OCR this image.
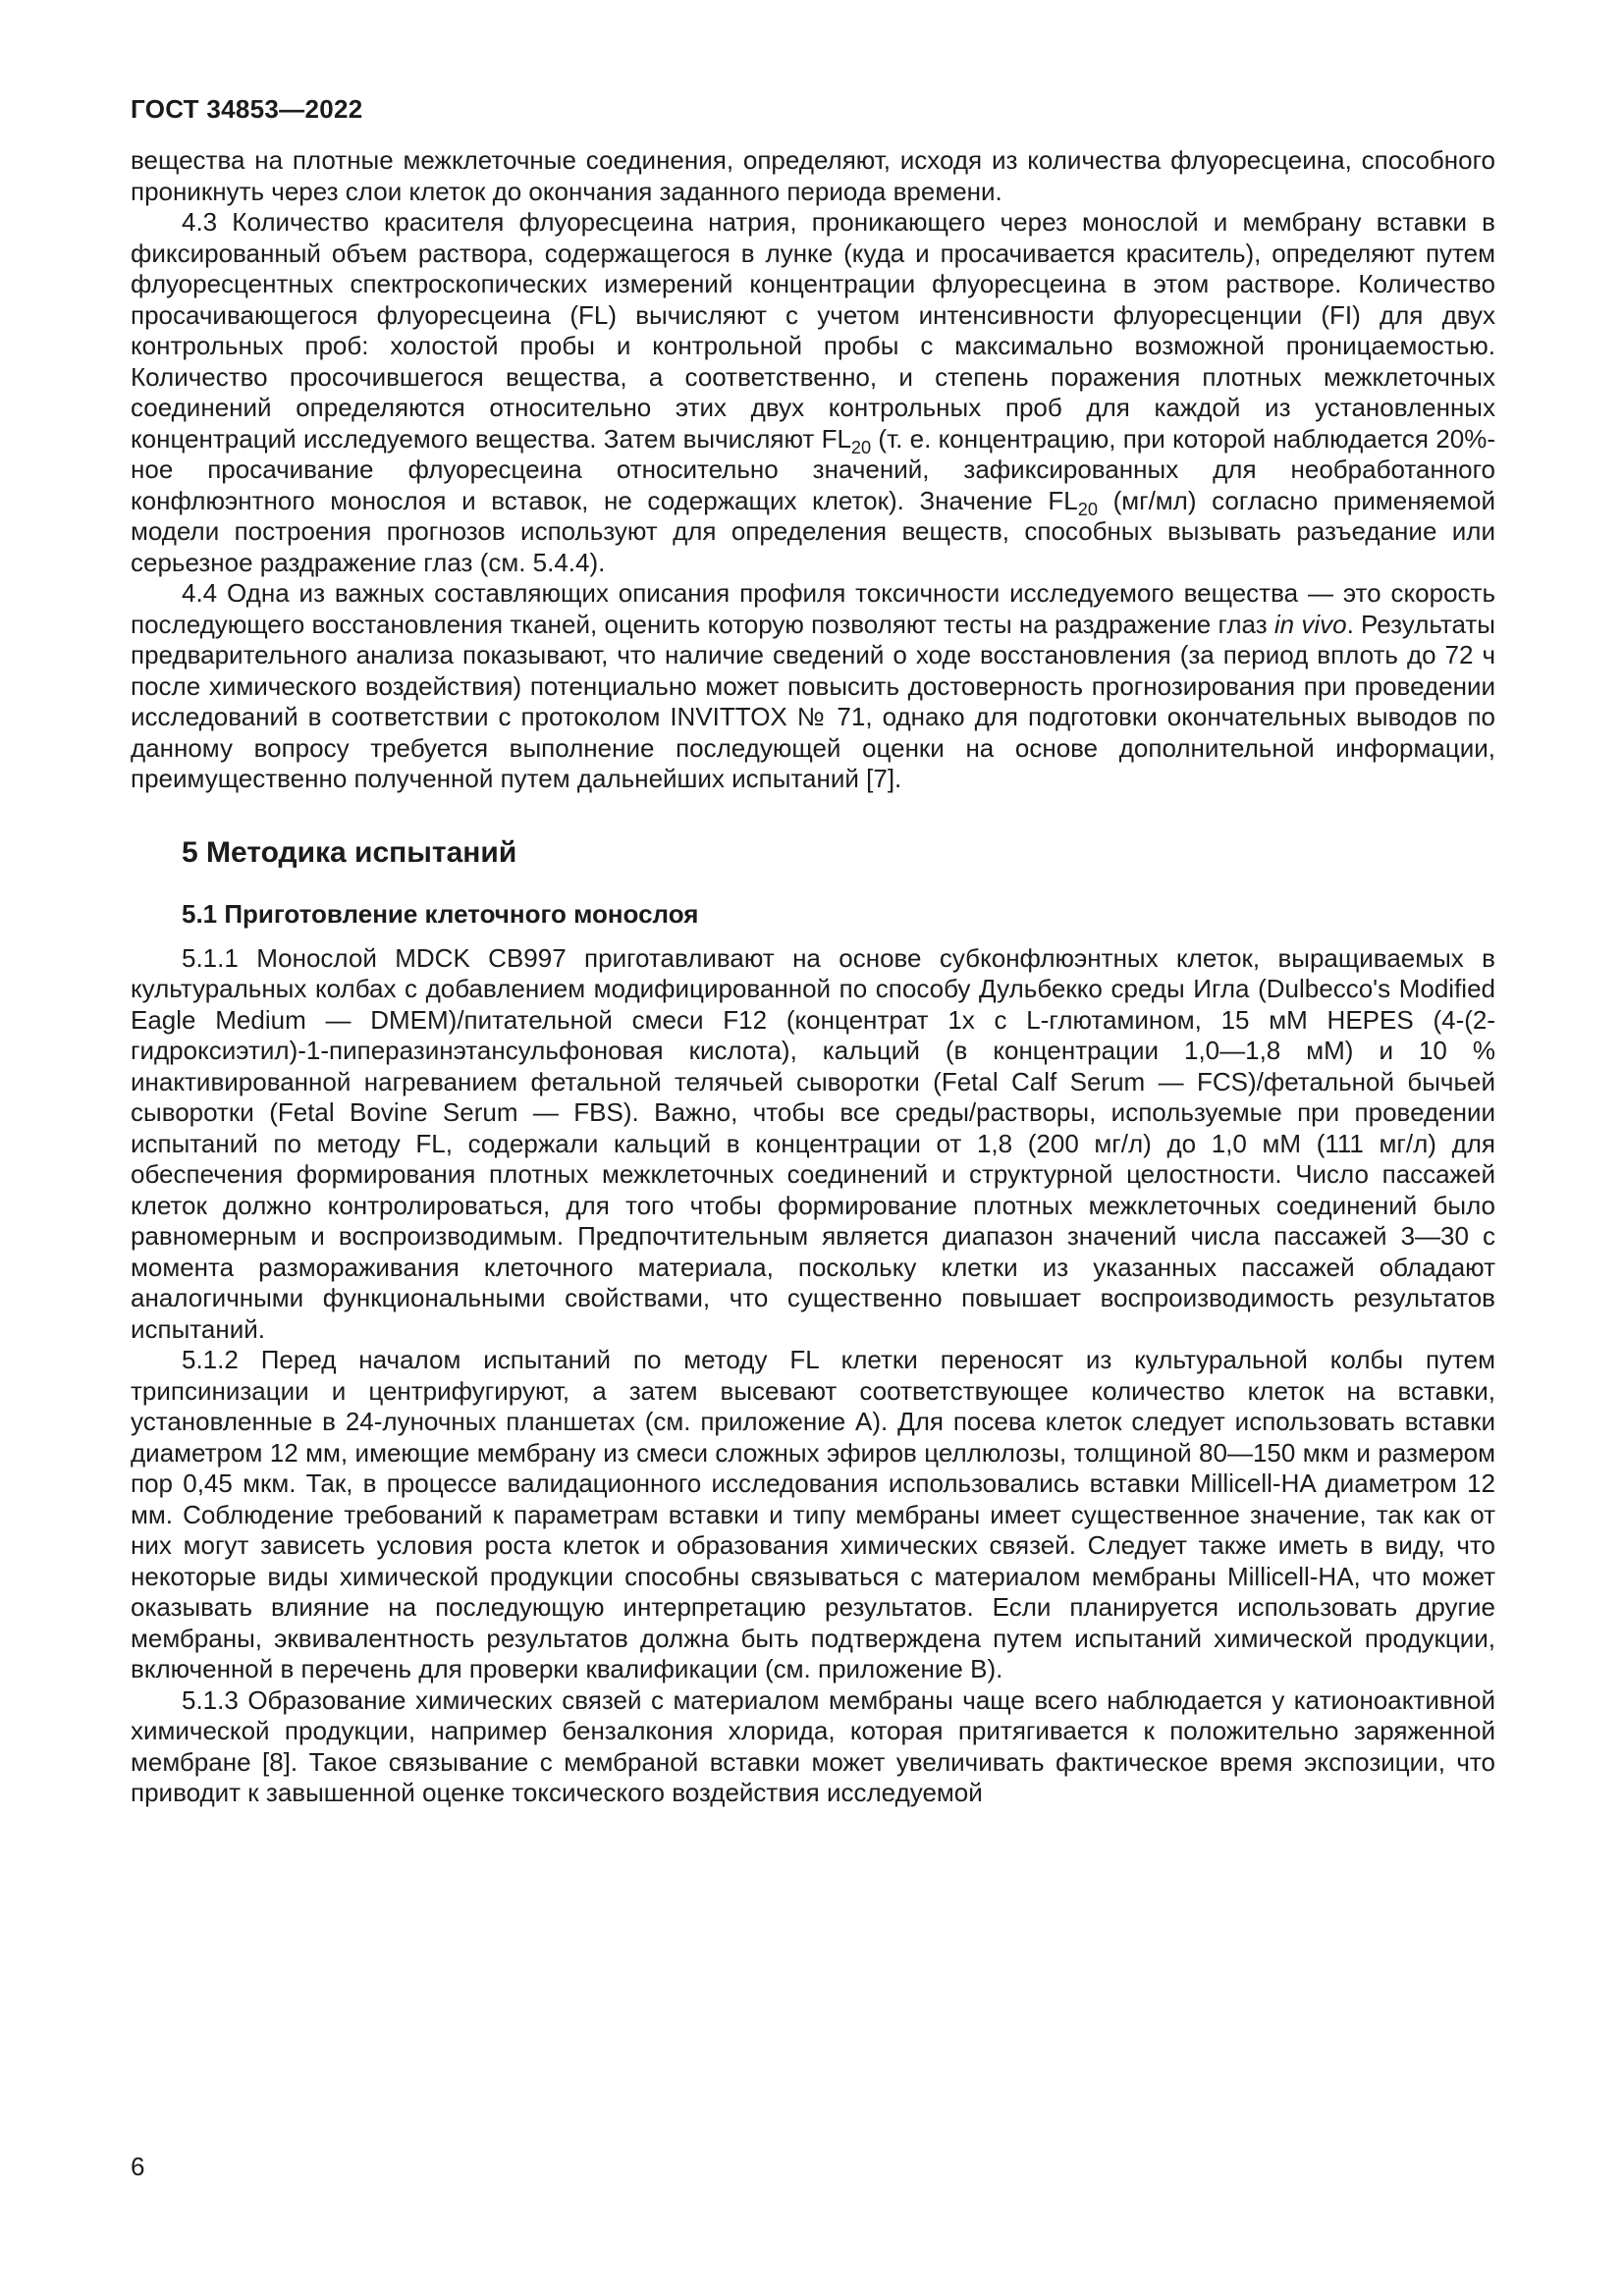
ГОСТ 34853—2022

вещества на плотные межклеточные соединения, определяют, исходя из количества флуоресцеина, способного проникнуть через слои клеток до окончания заданного периода времени.

4.3 Количество красителя флуоресцеина натрия, проникающего через монослой и мембрану вставки в фиксированный объем раствора, содержащегося в лунке (куда и просачивается краситель), определяют путем флуоресцентных спектроскопических измерений концентрации флуоресцеина в этом растворе. Количество просачивающегося флуоресцеина (FL) вычисляют с учетом интенсивности флуоресценции (FI) для двух контрольных проб: холостой пробы и контрольной пробы с максимально возможной проницаемостью. Количество просочившегося вещества, а соответственно, и степень поражения плотных межклеточных соединений определяются относительно этих двух контрольных проб для каждой из установленных концентраций исследуемого вещества. Затем вычисляют $FL_{20}$ (т. е. концентрацию, при которой наблюдается 20%-ное просачивание флуоресцеина относительно значений, зафиксированных для необработанного конфлюэнтного монослоя и вставок, не содержащих клеток). Значение $FL_{20}$ (мг/мл) согласно применяемой модели построения прогнозов используют для определения веществ, способных вызывать разъедание или серьезное раздражение глаз (см. 5.4.4).

4.4 Одна из важных составляющих описания профиля токсичности исследуемого вещества — это скорость последующего восстановления тканей, оценить которую позволяют тесты на раздражение глаз in vivo. Результаты предварительного анализа показывают, что наличие сведений о ходе восстановления (за период вплоть до 72 ч после химического воздействия) потенциально может повысить достоверность прогнозирования при проведении исследований в соответствии с протоколом INVITTOX № 71, однако для подготовки окончательных выводов по данному вопросу требуется выполнение последующей оценки на основе дополнительной информации, преимущественно полученной путем дальнейших испытаний [7].

5 Методика испытаний
5.1 Приготовление клеточного монослоя

5.1.1 Монослой MDCK CB997 приготавливают на основе субконфлюэнтных клеток, выращиваемых в культуральных колбах с добавлением модифицированной по способу Дульбекко среды Игла (Dulbecco's Modified Eagle Medium — DMEM)/питательной смеси F12 (концентрат 1х с L-глютамином, 15 мМ HEPES (4-(2-гидроксиэтил)-1-пиперазинэтансульфоновая кислота), кальций (в концентрации 1,0—1,8 мМ) и 10 % инактивированной нагреванием фетальной телячьей сыворотки (Fetal Calf Serum — FCS)/фетальной бычьей сыворотки (Fetal Bovine Serum — FBS). Важно, чтобы все среды/растворы, используемые при проведении испытаний по методу FL, содержали кальций в концентрации от 1,8 (200 мг/л) до 1,0 мМ (111 мг/л) для обеспечения формирования плотных межклеточных соединений и структурной целостности. Число пассажей клеток должно контролироваться, для того чтобы формирование плотных межклеточных соединений было равномерным и воспроизводимым. Предпочтительным является диапазон значений числа пассажей 3—30 с момента размораживания клеточного материала, поскольку клетки из указанных пассажей обладают аналогичными функциональными свойствами, что существенно повышает воспроизводимость результатов испытаний.

5.1.2 Перед началом испытаний по методу FL клетки переносят из культуральной колбы путем трипсинизации и центрифугируют, а затем высевают соответствующее количество клеток на вставки, установленные в 24-луночных планшетах (см. приложение А). Для посева клеток следует использовать вставки диаметром 12 мм, имеющие мембрану из смеси сложных эфиров целлюлозы, толщиной 80—150 мкм и размером пор 0,45 мкм. Так, в процессе валидационного исследования использовались вставки Millicell-HA диаметром 12 мм. Соблюдение требований к параметрам вставки и типу мембраны имеет существенное значение, так как от них могут зависеть условия роста клеток и образования химических связей. Следует также иметь в виду, что некоторые виды химической продукции способны связываться с материалом мембраны Millicell-HA, что может оказывать влияние на последующую интерпретацию результатов. Если планируется использовать другие мембраны, эквивалентность результатов должна быть подтверждена путем испытаний химической продукции, включенной в перечень для проверки квалификации (см. приложение В).

5.1.3 Образование химических связей с материалом мембраны чаще всего наблюдается у катионоактивной химической продукции, например бензалкония хлорида, которая притягивается к положительно заряженной мембране [8]. Такое связывание с мембраной вставки может увеличивать фактическое время экспозиции, что приводит к завышенной оценке токсического воздействия исследуемой

6
